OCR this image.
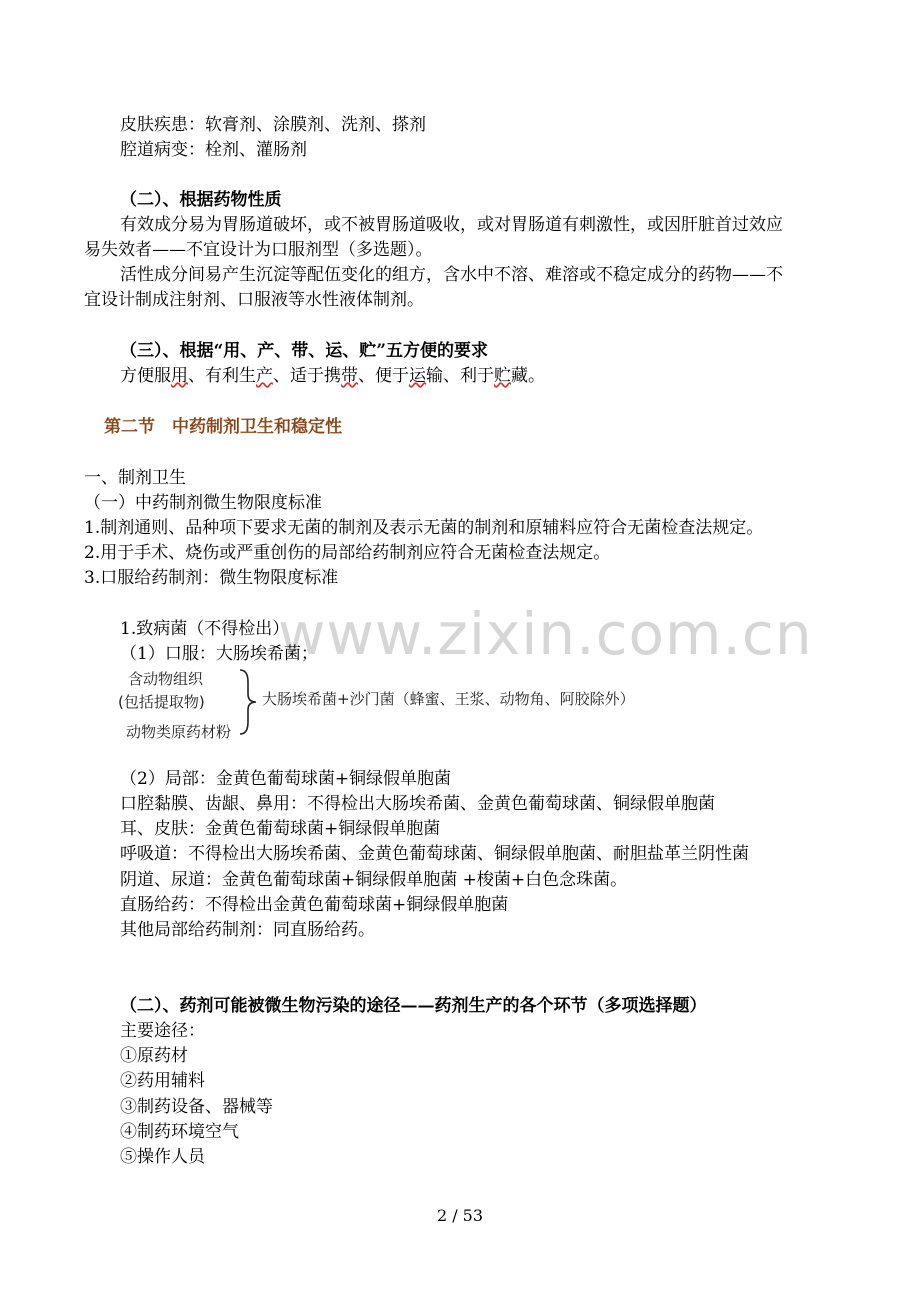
皮肤疾患：软膏剂、涂膜剂、洗剂、搽剂
腔道病变：栓剂、灌肠剂
（二）、根据药物性质
有效成分易为胃肠道破坏，或不被胃肠道吸收，或对胃肠道有刺激性，或因肝脏首过效应
易失效者——不宜设计为口服剂型（多选题）。
活性成分间易产生沉淀等配伍变化的组方，含水中不溶、难溶或不稳定成分的药物——不
宜设计制成注射剂、口服液等水性液体制剂。
（三）、根据“用、产、带、运、贮”五方便的要求
方便服用、有利生产、适于携带、便于运输、利于贮藏。
第二节　中药制剂卫生和稳定性
一、制剂卫生
（一）中药制剂微生物限度标准
1.制剂通则、品种项下要求无菌的制剂及表示无菌的制剂和原辅料应符合无菌检查法规定。
2.用于手术、烧伤或严重创伤的局部给药制剂应符合无菌检查法规定。
3.口服给药制剂：微生物限度标准
www.zixin.com.cn
1.致病菌（不得检出）
（1）口服：大肠埃希菌；
含动物组织
(包括提取物)
动物类原药材粉
大肠埃希菌+沙门菌（蜂蜜、王浆、动物角、阿胶除外）
（2）局部：金黄色葡萄球菌+铜绿假单胞菌
口腔黏膜、齿龈、鼻用：不得检出大肠埃希菌、金黄色葡萄球菌、铜绿假单胞菌
耳、皮肤：金黄色葡萄球菌+铜绿假单胞菌
呼吸道：不得检出大肠埃希菌、金黄色葡萄球菌、铜绿假单胞菌、耐胆盐革兰阴性菌
阴道、尿道：金黄色葡萄球菌+铜绿假单胞菌 +梭菌+白色念珠菌。
直肠给药：不得检出金黄色葡萄球菌+铜绿假单胞菌
其他局部给药制剂：同直肠给药。
（二）、药剂可能被微生物污染的途径——药剂生产的各个环节（多项选择题）
主要途径：
①原药材
②药用辅料
③制药设备、器械等
④制药环境空气
⑤操作人员
2 / 53
